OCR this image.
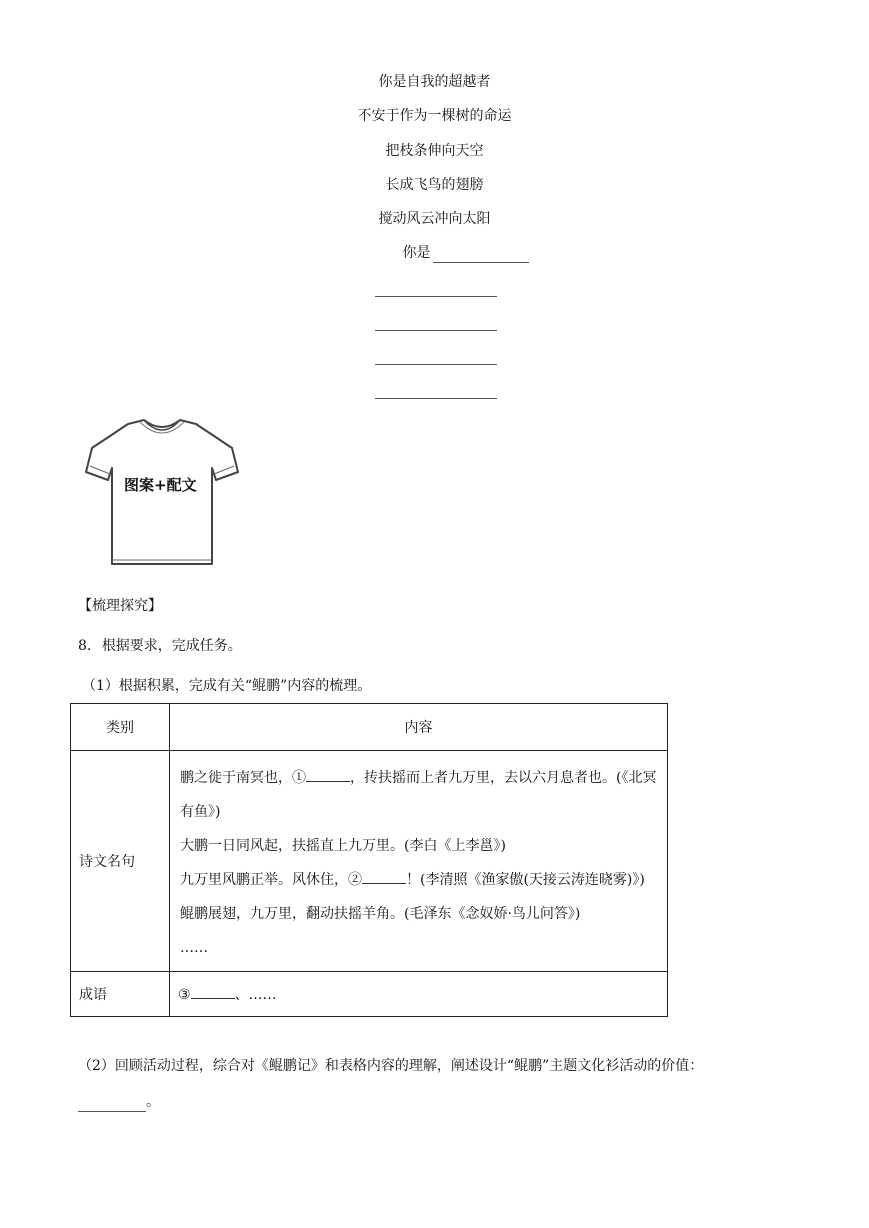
你是自我的超越者
不安于作为一棵树的命运
把枝条伸向天空
长成飞鸟的翅膀
搅动风云冲向太阳
你是
图案+配文
【梳理探究】
8. 根据要求，完成任务。
（1）根据积累，完成有关“鲲鹏”内容的梳理。
类别	内容
诗文名句	鹏之徙于南冥也，① ，抟扶摇而上者九万里，去以六月息者也。(《北冥有鱼》)
大鹏一日同风起，扶摇直上九万里。(李白《上李邕》)
九万里风鹏正举。风休住，② ！(李清照《渔家傲(天接云涛连晓雾)》)
鲲鹏展翅，九万里，翻动扶摇羊角。(毛泽东《念奴娇·鸟儿问答》)
……

成语	③ 、……
（2）回顾活动过程，综合对《鲲鹏记》和表格内容的理解，阐述设计“鲲鹏”主题文化衫活动的价值：
。
